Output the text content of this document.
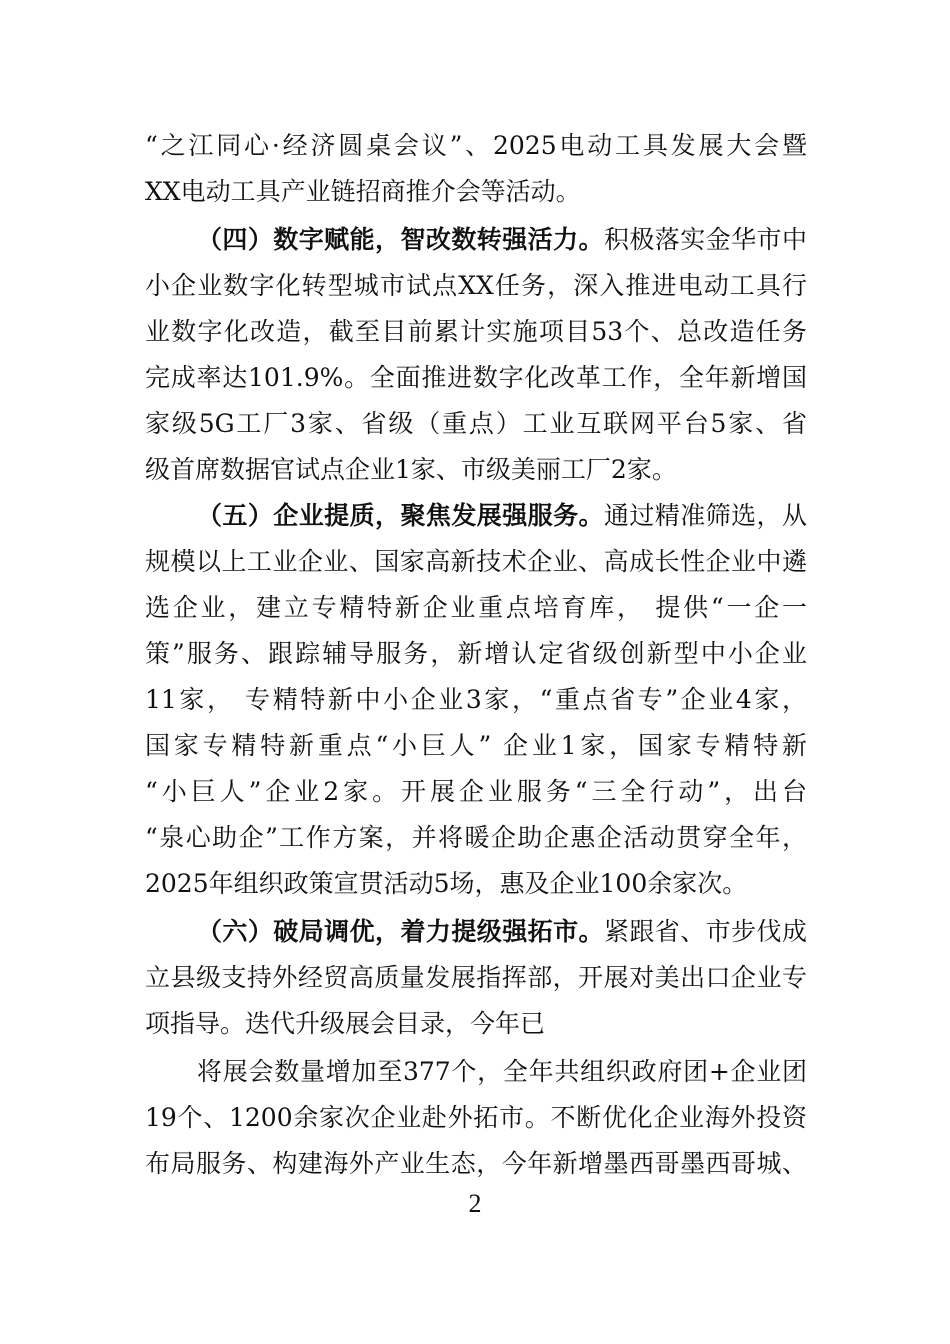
“之江同心·经济圆桌会议”、2025电动工具发展大会暨
XX电动工具产业链招商推介会等活动。
（四）数字赋能，智改数转强活力。积极落实金华市中
小企业数字化转型城市试点XX任务，深入推进电动工具行
业数字化改造，截至目前累计实施项目53个、总改造任务
完成率达101.9%。全面推进数字化改革工作，全年新增国
家级5G工厂3家、省级（重点）工业互联网平台5家、省
级首席数据官试点企业1家、市级美丽工厂2家。
（五）企业提质，聚焦发展强服务。通过精准筛选，从
规模以上工业企业、国家高新技术企业、高成长性企业中遴
选企业，建立专精特新企业重点培育库， 提供“一企一
策”服务、跟踪辅导服务，新增认定省级创新型中小企业
11家， 专精特新中小企业3家，“重点省专”企业4家，
国家专精特新重点“小巨人” 企业1家，国家专精特新
“小巨人”企业2家。开展企业服务“三全行动”，出台
“泉心助企”工作方案，并将暖企助企惠企活动贯穿全年，
2025年组织政策宣贯活动5场，惠及企业100余家次。
（六）破局调优，着力提级强拓市。紧跟省、市步伐成
立县级支持外经贸高质量发展指挥部，开展对美出口企业专
项指导。迭代升级展会目录，今年已
将展会数量增加至377个，全年共组织政府团+企业团
19个、1200余家次企业赴外拓市。不断优化企业海外投资
布局服务、构建海外产业生态，今年新增墨西哥墨西哥城、
2
